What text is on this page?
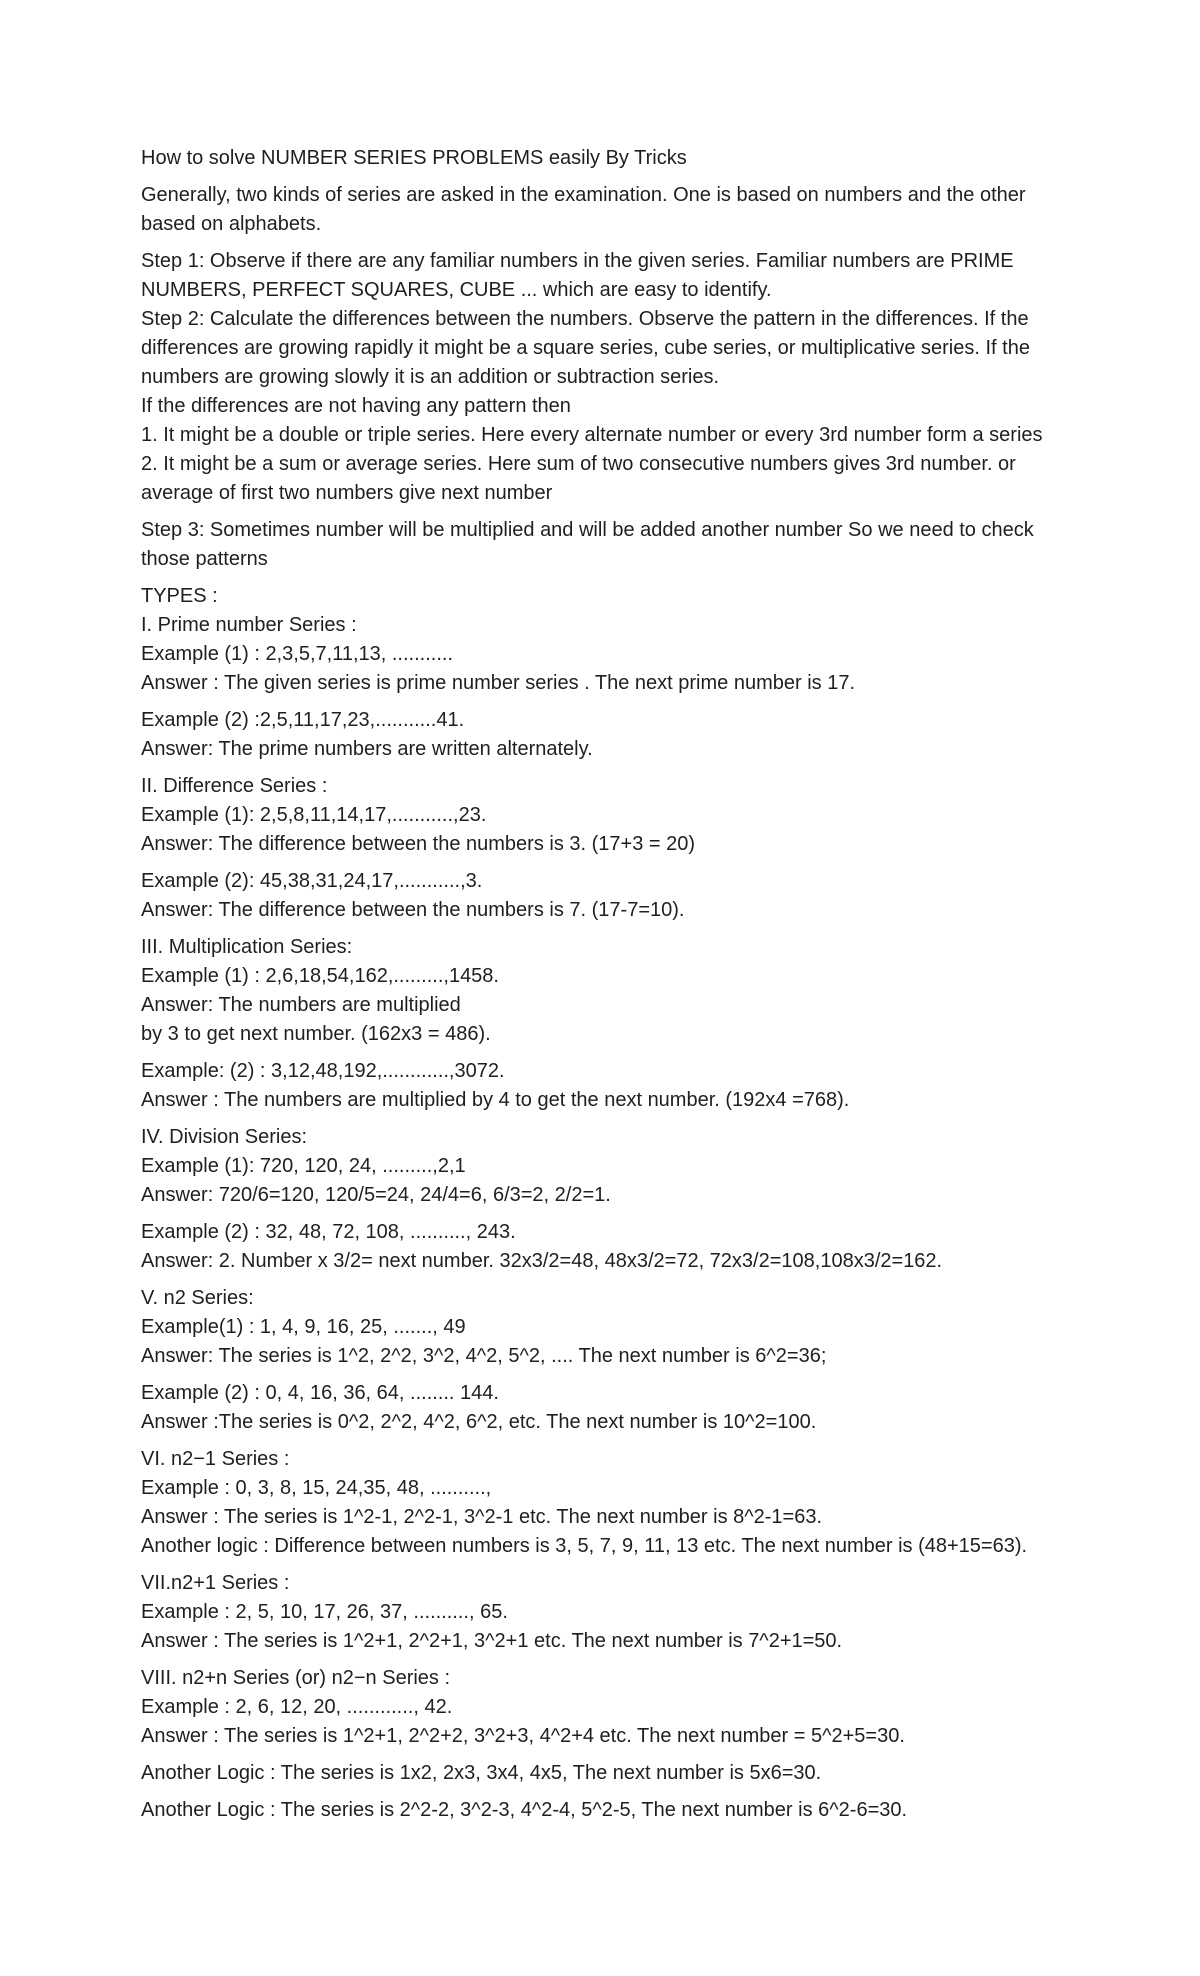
How to solve NUMBER SERIES PROBLEMS easily By Tricks

Generally, two kinds of series are asked in the examination. One is based on numbers and the other based on alphabets.

Step 1: Observe if there are any familiar numbers in the given series. Familiar numbers are PRIME NUMBERS, PERFECT SQUARES, CUBE ... which are easy to identify.
Step 2: Calculate the differences between the numbers. Observe the pattern in the differences. If the differences are growing rapidly it might be a square series, cube series, or multiplicative series. If the numbers are growing slowly it is an addition or subtraction series.
If the differences are not having any pattern then
1. It might be a double or triple series. Here every alternate number or every 3rd number form a series
2. It might be a sum or average series. Here sum of two consecutive numbers gives 3rd number. or average of first two numbers give next number

Step 3: Sometimes number will be multiplied and will be added another number So we need to check those patterns

TYPES :
I. Prime number Series :
Example (1) : 2,3,5,7,11,13, ...........
Answer : The given series is prime number series . The next prime number is 17.

Example (2) :2,5,11,17,23,...........41.
Answer: The prime numbers are written alternately.

II. Difference Series :
Example (1): 2,5,8,11,14,17,...........,23.
Answer: The difference between the numbers is 3. (17+3 = 20)

Example (2): 45,38,31,24,17,...........,3.
Answer: The difference between the numbers is 7. (17-7=10).

III. Multiplication Series:
Example (1) : 2,6,18,54,162,.........,1458.
Answer: The numbers are multiplied
by 3 to get next number. (162x3 = 486).

Example: (2) : 3,12,48,192,............,3072.
Answer : The numbers are multiplied by 4 to get the next number. (192x4 =768).

IV. Division Series:
Example (1): 720, 120, 24, .........,2,1
Answer: 720/6=120, 120/5=24, 24/4=6, 6/3=2, 2/2=1.

Example (2) : 32, 48, 72, 108, .........., 243.
Answer: 2. Number x 3/2= next number. 32x3/2=48, 48x3/2=72, 72x3/2=108,108x3/2=162.

V. n2 Series:
Example(1) : 1, 4, 9, 16, 25, ......., 49
Answer: The series is 1^2, 2^2, 3^2, 4^2, 5^2, .... The next number is 6^2=36;

Example (2) : 0, 4, 16, 36, 64, ........ 144.
Answer :The series is 0^2, 2^2, 4^2, 6^2, etc. The next number is 10^2=100.

VI. n2−1 Series :
Example : 0, 3, 8, 15, 24,35, 48, ..........,
Answer : The series is 1^2-1, 2^2-1, 3^2-1 etc. The next number is 8^2-1=63.
Another logic : Difference between numbers is 3, 5, 7, 9, 11, 13 etc. The next number is (48+15=63).

VII.n2+1 Series :
Example : 2, 5, 10, 17, 26, 37, .........., 65.
Answer : The series is 1^2+1, 2^2+1, 3^2+1 etc. The next number is 7^2+1=50.

VIII. n2+n Series (or) n2−n Series :
Example : 2, 6, 12, 20, ............, 42.
Answer : The series is 1^2+1, 2^2+2, 3^2+3, 4^2+4 etc. The next number = 5^2+5=30.

Another Logic : The series is 1x2, 2x3, 3x4, 4x5, The next number is 5x6=30.

Another Logic : The series is 2^2-2, 3^2-3, 4^2-4, 5^2-5, The next number is 6^2-6=30.
